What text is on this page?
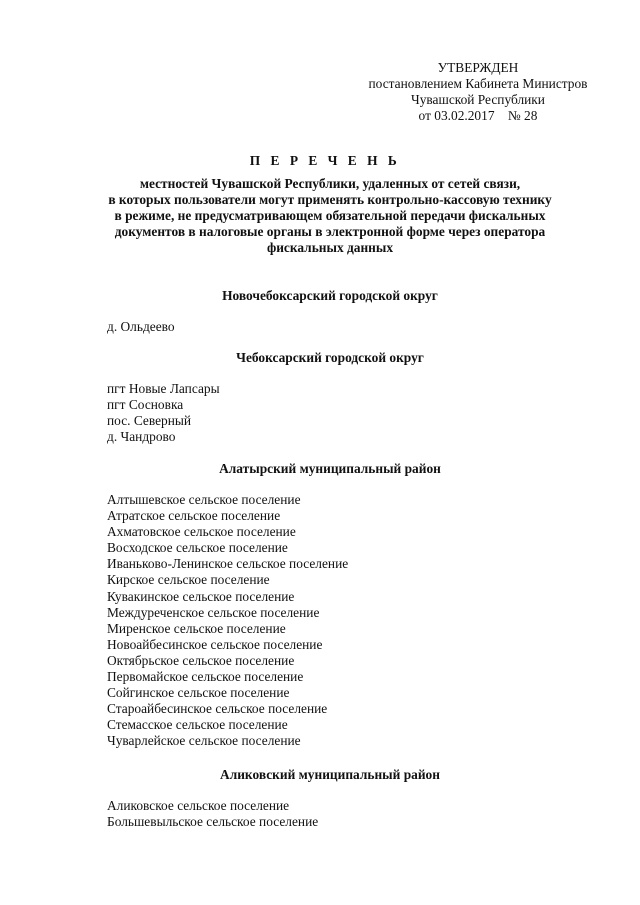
УТВЕРЖДЕН
постановлением Кабинета Министров
Чувашской Республики
от 03.02.2017    № 28
П Е Р Е Ч Е Н Ь
местностей Чувашской Республики, удаленных от сетей связи,
в которых пользователи могут применять контрольно-кассовую технику
в режиме, не предусматривающем обязательной передачи фискальных
документов в налоговые органы в электронной форме через оператора
фискальных данных
Новочебоксарский городской округ
д. Ольдеево
Чебоксарский городской округ
пгт Новые Лапсары
пгт Сосновка
пос. Северный
д. Чандрово
Алатырский муниципальный район
Алтышевское сельское поселение
Атратское сельское поселение
Ахматовское сельское поселение
Восходское сельское поселение
Иваньково-Ленинское сельское поселение
Кирское сельское поселение
Кувакинское сельское поселение
Междуреченское сельское поселение
Миренское сельское поселение
Новоайбесинское сельское поселение
Октябрьское сельское поселение
Первомайское сельское поселение
Сойгинское сельское поселение
Староайбесинское сельское поселение
Стемасское сельское поселение
Чуварлейское сельское поселение
Аликовский муниципальный район
Аликовское сельское поселение
Большевыльское сельское поселение
